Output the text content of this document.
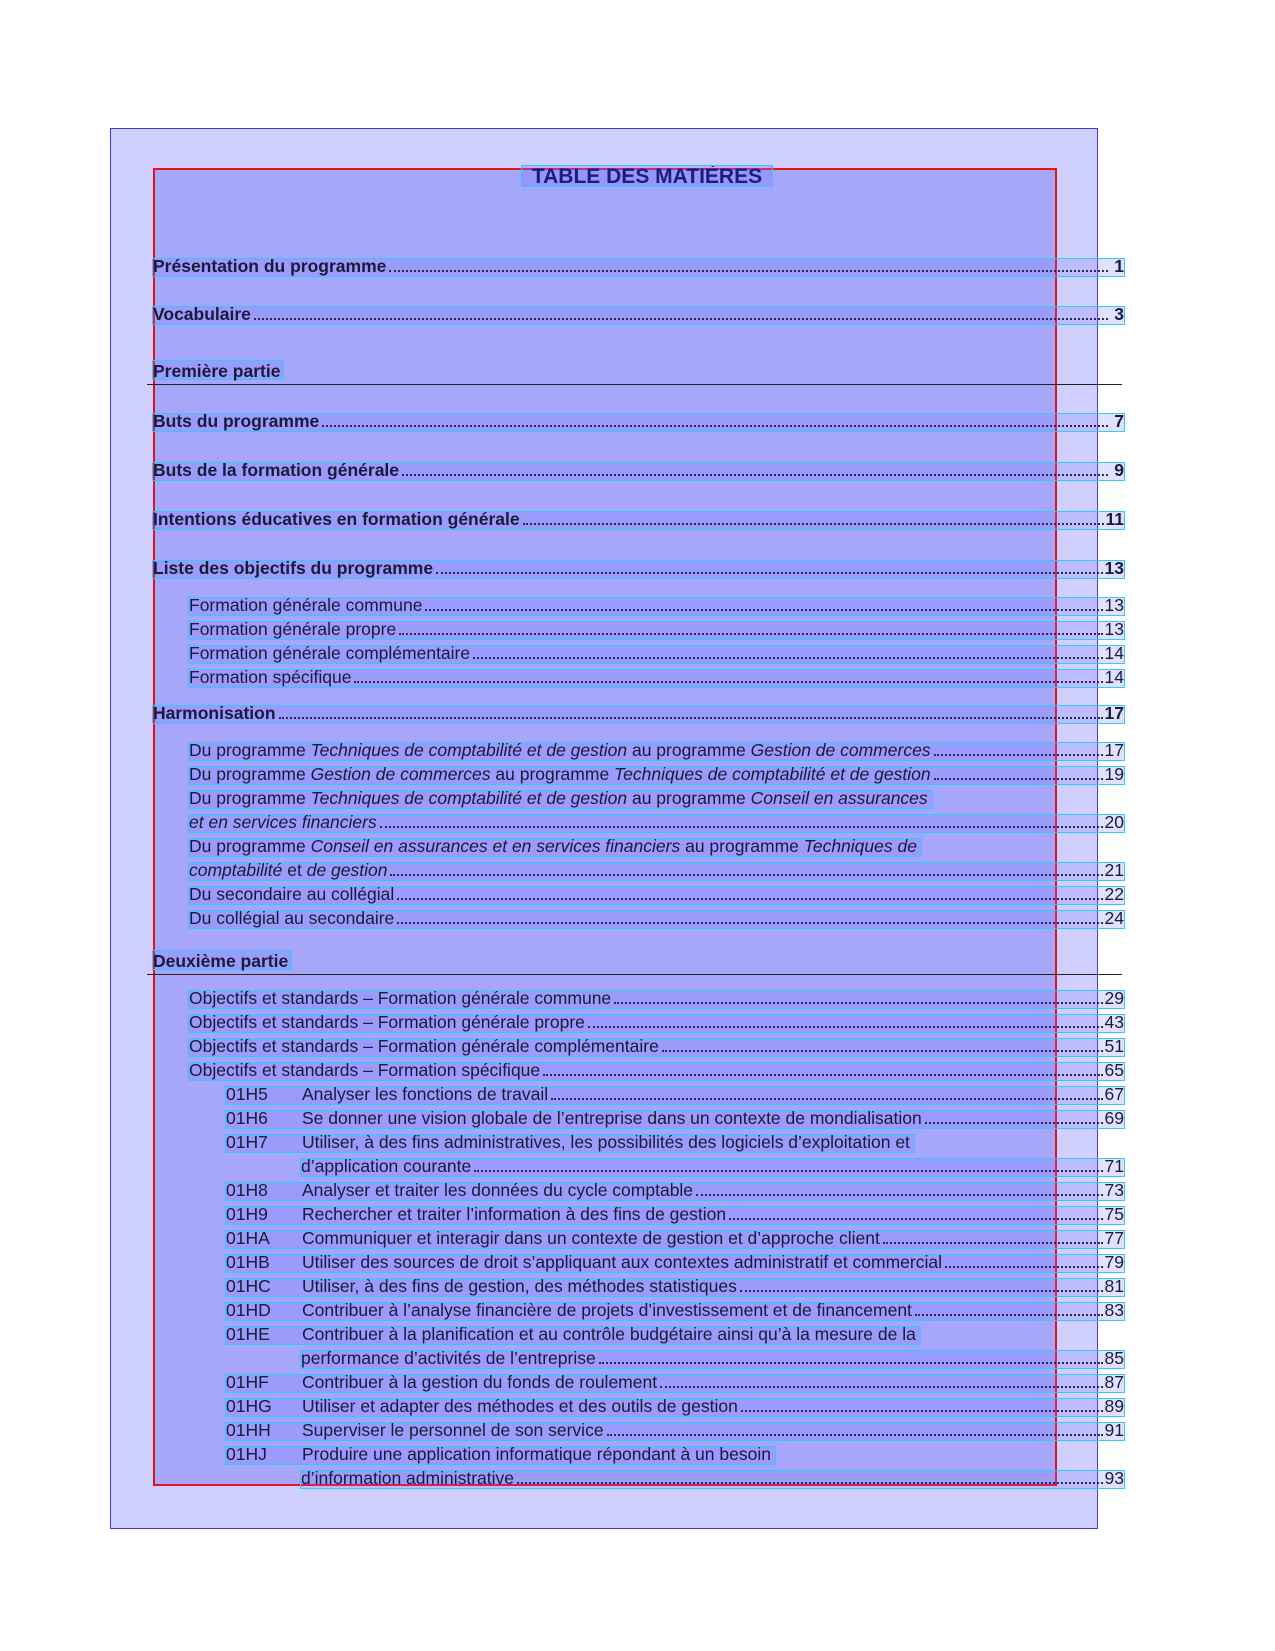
TABLE DES MATIÈRES
Présentation du programme	1
Vocabulaire	3
Première partie
Buts du programme	7
Buts de la formation générale	9
Intentions éducatives en formation générale	11
Liste des objectifs du programme	13
Formation générale commune	13
Formation générale propre	13
Formation générale complémentaire	14
Formation spécifique	14
Harmonisation	17
Du programme Techniques de comptabilité et de gestion au programme Gestion de commerces	17
Du programme Gestion de commerces au programme Techniques de comptabilité et de gestion	19
Du programme Techniques de comptabilité et de gestion au programme Conseil en assurances
et en services financiers	20
Du programme Conseil en assurances et en services financiers au programme Techniques de
comptabilité et de gestion	21
Du secondaire au collégial	22
Du collégial au secondaire	24
Deuxième partie
Objectifs et standards – Formation générale commune	29
Objectifs et standards – Formation générale propre	43
Objectifs et standards – Formation générale complémentaire	51
Objectifs et standards – Formation spécifique	65
01H5	Analyser les fonctions de travail	67
01H6	Se donner une vision globale de l’entreprise dans un contexte de mondialisation	69
01H7	Utiliser, à des fins administratives, les possibilités des logiciels d’exploitation et
d’application courante	71
01H8	Analyser et traiter les données du cycle comptable	73
01H9	Rechercher et traiter l’information à des fins de gestion	75
01HA	Communiquer et interagir dans un contexte de gestion et d’approche client	77
01HB	Utiliser des sources de droit s’appliquant aux contextes administratif et commercial	79
01HC	Utiliser, à des fins de gestion, des méthodes statistiques	81
01HD	Contribuer à l’analyse financière de projets d’investissement et de financement	83
01HE	Contribuer à la planification et au contrôle budgétaire ainsi qu’à la mesure de la
performance d’activités de l’entreprise	85
01HF	Contribuer à la gestion du fonds de roulement	87
01HG	Utiliser et adapter des méthodes et des outils de gestion	89
01HH	Superviser le personnel de son service	91
01HJ	Produire une application informatique répondant à un besoin
d’information administrative	93
